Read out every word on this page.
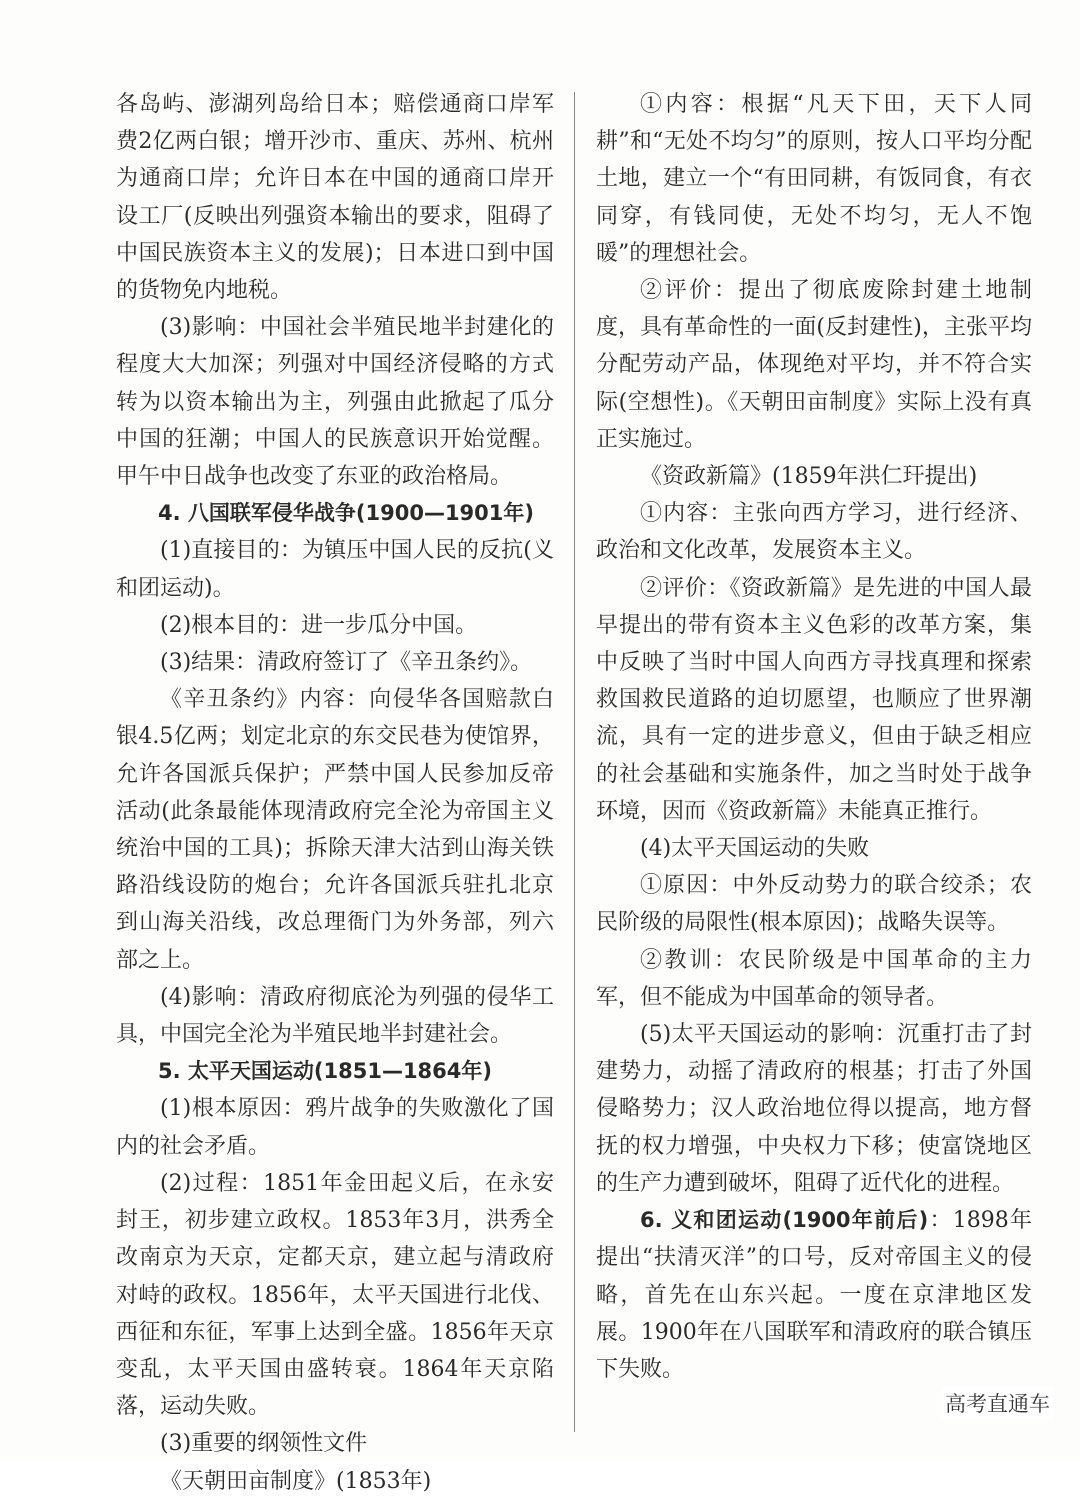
各岛屿、澎湖列岛给日本；赔偿通商口岸军费2亿两白银；增开沙市、重庆、苏州、杭州为通商口岸；允许日本在中国的通商口岸开设工厂(反映出列强资本输出的要求，阻碍了中国民族资本主义的发展)；日本进口到中国的货物免内地税。

(3)影响：中国社会半殖民地半封建化的程度大大加深；列强对中国经济侵略的方式转为以资本输出为主，列强由此掀起了瓜分中国的狂潮；中国人的民族意识开始觉醒。甲午中日战争也改变了东亚的政治格局。

4. 八国联军侵华战争(1900—1901年)

(1)直接目的：为镇压中国人民的反抗(义和团运动)。

(2)根本目的：进一步瓜分中国。

(3)结果：清政府签订了《辛丑条约》。

《辛丑条约》内容：向侵华各国赔款白银4.5亿两；划定北京的东交民巷为使馆界，允许各国派兵保护；严禁中国人民参加反帝活动(此条最能体现清政府完全沦为帝国主义统治中国的工具)；拆除天津大沽到山海关铁路沿线设防的炮台；允许各国派兵驻扎北京到山海关沿线，改总理衙门为外务部，列六部之上。

(4)影响：清政府彻底沦为列强的侵华工具，中国完全沦为半殖民地半封建社会。

5. 太平天国运动(1851—1864年)

(1)根本原因：鸦片战争的失败激化了国内的社会矛盾。

(2)过程：1851年金田起义后，在永安封王，初步建立政权。1853年3月，洪秀全改南京为天京，定都天京，建立起与清政府对峙的政权。1856年，太平天国进行北伐、西征和东征，军事上达到全盛。1856年天京变乱，太平天国由盛转衰。1864年天京陷落，运动失败。

(3)重要的纲领性文件

《天朝田亩制度》(1853年)

①内容：根据“凡天下田，天下人同耕”和“无处不均匀”的原则，按人口平均分配土地，建立一个“有田同耕，有饭同食，有衣同穿，有钱同使，无处不均匀，无人不饱暖”的理想社会。

②评价：提出了彻底废除封建土地制度，具有革命性的一面(反封建性)，主张平均分配劳动产品，体现绝对平均，并不符合实际(空想性)。《天朝田亩制度》实际上没有真正实施过。

《资政新篇》(1859年洪仁玕提出)

①内容：主张向西方学习，进行经济、政治和文化改革，发展资本主义。

②评价：《资政新篇》是先进的中国人最早提出的带有资本主义色彩的改革方案，集中反映了当时中国人向西方寻找真理和探索救国救民道路的迫切愿望，也顺应了世界潮流，具有一定的进步意义，但由于缺乏相应的社会基础和实施条件，加之当时处于战争环境，因而《资政新篇》未能真正推行。

(4)太平天国运动的失败

①原因：中外反动势力的联合绞杀；农民阶级的局限性(根本原因)；战略失误等。

②教训：农民阶级是中国革命的主力军，但不能成为中国革命的领导者。

(5)太平天国运动的影响：沉重打击了封建势力，动摇了清政府的根基；打击了外国侵略势力；汉人政治地位得以提高，地方督抚的权力增强，中央权力下移；使富饶地区的生产力遭到破坏，阻碍了近代化的进程。

6. 义和团运动(1900年前后)：1898年提出“扶清灭洋”的口号，反对帝国主义的侵略，首先在山东兴起。一度在京津地区发展。1900年在八国联军和清政府的联合镇压下失败。

高考直通车
